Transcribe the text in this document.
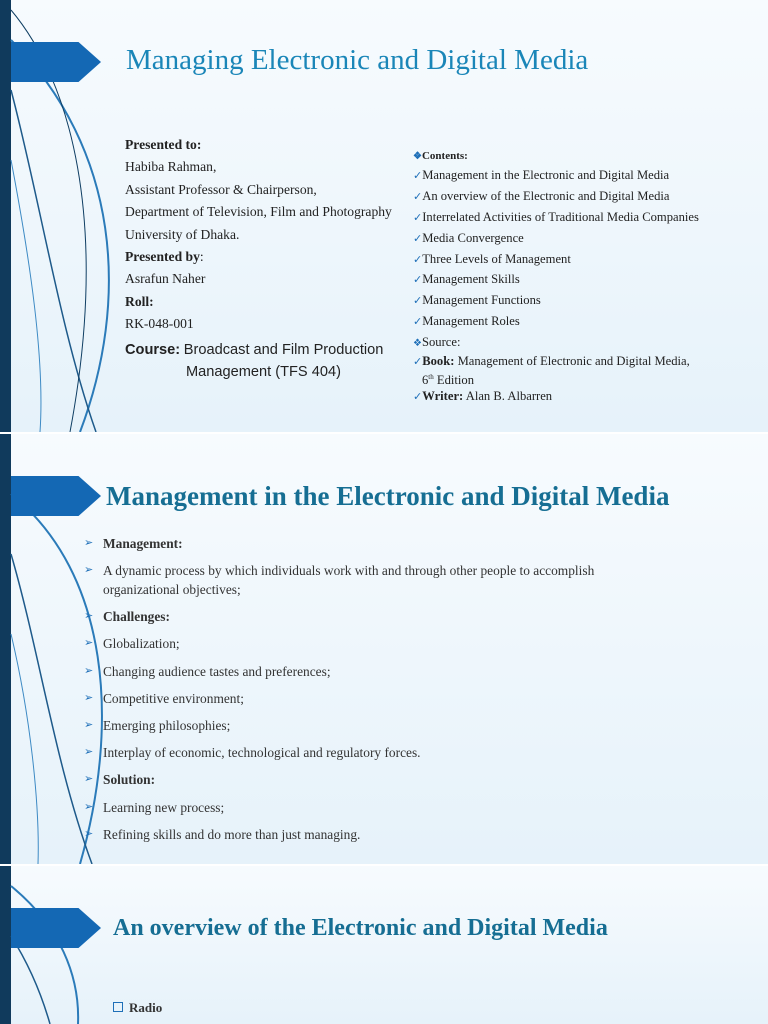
Managing Electronic and Digital Media
Presented to:
Habiba Rahman,
Assistant Professor & Chairperson,
Department of Television, Film and Photography
University of Dhaka.
Presented by:
Asrafun Naher
Roll:
RK-048-001
Course: Broadcast and Film Production
Management (TFS 404)
❖Contents:
✓Management in the Electronic and Digital Media
✓An overview of the Electronic and Digital Media
✓Interrelated Activities of Traditional Media Companies
✓Media Convergence
✓Three Levels of Management
✓Management Skills
✓Management Functions
✓Management Roles
❖Source:
✓Book: Management of Electronic and Digital Media,
6th Edition
✓Writer: Alan B. Albarren
Management in the Electronic and Digital Media
➢ Management:
➢ A dynamic process by which individuals work with and through other people to accomplish organizational objectives;
➢ Challenges:
➢ Globalization;
➢ Changing audience tastes and preferences;
➢ Competitive environment;
➢ Emerging philosophies;
➢ Interplay of economic, technological and regulatory forces.
➢ Solution:
➢ Learning new process;
➢ Refining skills and do more than just managing.
An overview of the Electronic and Digital Media
Radio
